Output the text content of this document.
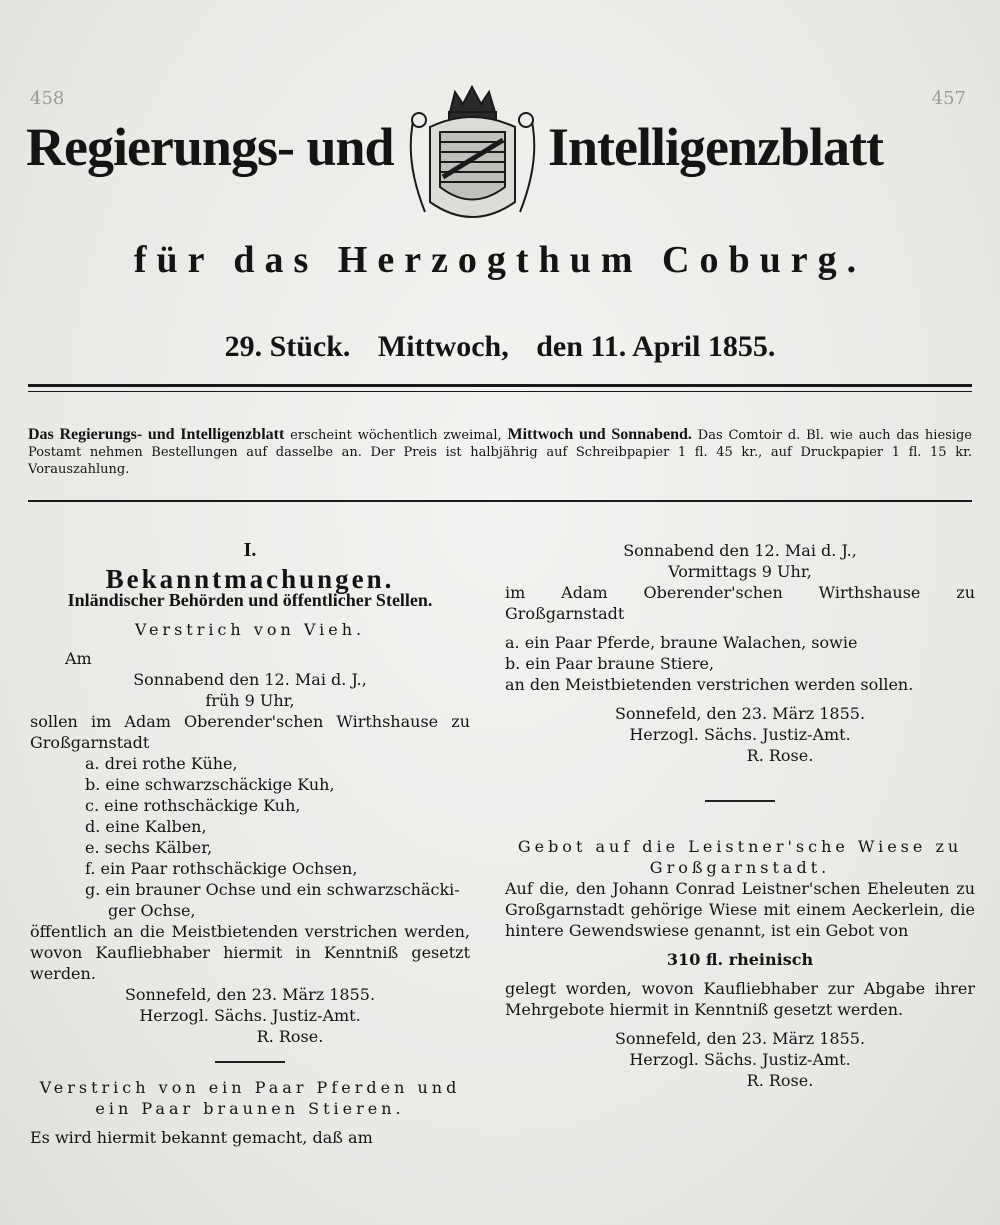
458	457
Regierungs- und	Intelligenzblatt
für das Herzogthum Coburg.
29. Stück. Mittwoch, den 11. April 1855.
Das Regierungs- und Intelligenzblatt erscheint wöchentlich zweimal, Mittwoch und Sonnabend. Das Comtoir d. Bl. wie auch das hiesige Postamt nehmen Bestellungen auf dasselbe an. Der Preis ist halbjährig auf Schreibpapier 1 fl. 45 kr., auf Druckpapier 1 fl. 15 kr. Vorauszahlung.

I.

Bekanntmachungen.

Inländischer Behörden und öffentlicher Stellen.

Verstrich von Vieh.

Am

Sonnabend den 12. Mai d. J.,

früh 9 Uhr,

sollen im Adam Oberender'schen Wirthshause zu Großgarnstadt

a. drei rothe Kühe,

b. eine schwarzschäckige Kuh,

c. eine rothschäckige Kuh,

d. eine Kalben,

e. sechs Kälber,

f. ein Paar rothschäckige Ochsen,

g. ein brauner Ochse und ein schwarzschäcki-

ger Ochse,

öffentlich an die Meistbietenden verstrichen werden, wovon Kaufliebhaber hiermit in Kenntniß gesetzt werden.

Sonnefeld, den 23. März 1855.

Herzogl. Sächs. Justiz-Amt.

R. Rose.

Verstrich von ein Paar Pferden und ein Paar braunen Stieren.

Es wird hiermit bekannt gemacht, daß am

Sonnabend den 12. Mai d. J.,

Vormittags 9 Uhr,

im Adam Oberender'schen Wirthshause zu Großgarnstadt

a. ein Paar Pferde, braune Walachen, sowie

b. ein Paar braune Stiere,

an den Meistbietenden verstrichen werden sollen.

Sonnefeld, den 23. März 1855.

Herzogl. Sächs. Justiz-Amt.

R. Rose.

Gebot auf die Leistner'sche Wiese zu Großgarnstadt.

Auf die, den Johann Conrad Leistner'schen Eheleuten zu Großgarnstadt gehörige Wiese mit einem Aeckerlein, die hintere Gewendswiese genannt, ist ein Gebot von

310 fl. rheinisch

gelegt worden, wovon Kaufliebhaber zur Abgabe ihrer Mehrgebote hiermit in Kenntniß gesetzt werden.

Sonnefeld, den 23. März 1855.

Herzogl. Sächs. Justiz-Amt.

R. Rose.
